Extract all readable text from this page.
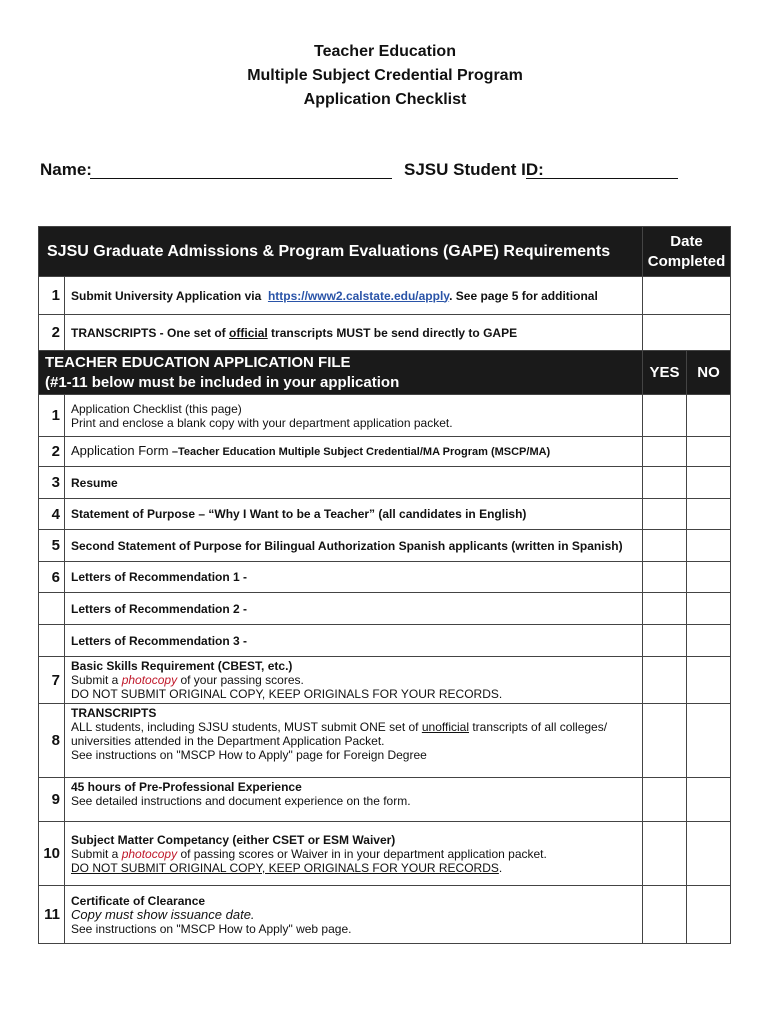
Teacher Education
Multiple Subject Credential Program
Application Checklist
Name:	SJSU Student ID:
SJSU Graduate Admissions & Program Evaluations (GAPE) Requirements		Date
Completed	

1	Submit University Application via https://www2.calstate.edu/apply. See page 5 for additional		
2	TRANSCRIPTS - One set of official transcripts MUST be send directly to GAPE		

TEACHER EDUCATION APPLICATION FILE
(#1-11 below must be included in your application		YES	NO
1	Application Checklist (this page)
Print and enclose a blank copy with your department application packet.		

2	Application Form –Teacher Education Multiple Subject Credential/MA Program (MSCP/MA)		
3	Resume		
4	Statement of Purpose – “Why I Want to be a Teacher” (all candidates in English)		
5	Second Statement of Purpose for Bilingual Authorization Spanish applicants (written in Spanish)		
6	Letters of Recommendation 1 -		
	Letters of Recommendation 2 -		
	Letters of Recommendation 3 -		
7	Basic Skills Requirement (CBEST, etc.)
Submit a photocopy of your passing scores.
DO NOT SUBMIT ORIGINAL COPY, KEEP ORIGINALS FOR YOUR RECORDS.		

8	TRANSCRIPTS
ALL students, including SJSU students, MUST submit ONE set of unofficial transcripts of all colleges/
universities attended in the Department Application Packet.
See instructions on "MSCP How to Apply" page for Foreign Degree		

9	45 hours of Pre-Professional Experience
See detailed instructions and document experience on the form.		

10	Subject Matter Competancy (either CSET or ESM Waiver)
Submit a photocopy of passing scores or Waiver in in your department application packet.
DO NOT SUBMIT ORIGINAL COPY, KEEP ORIGINALS FOR YOUR RECORDS.		

11	Certificate of Clearance
Copy must show issuance date.
See instructions on "MSCP How to Apply" web page.		
